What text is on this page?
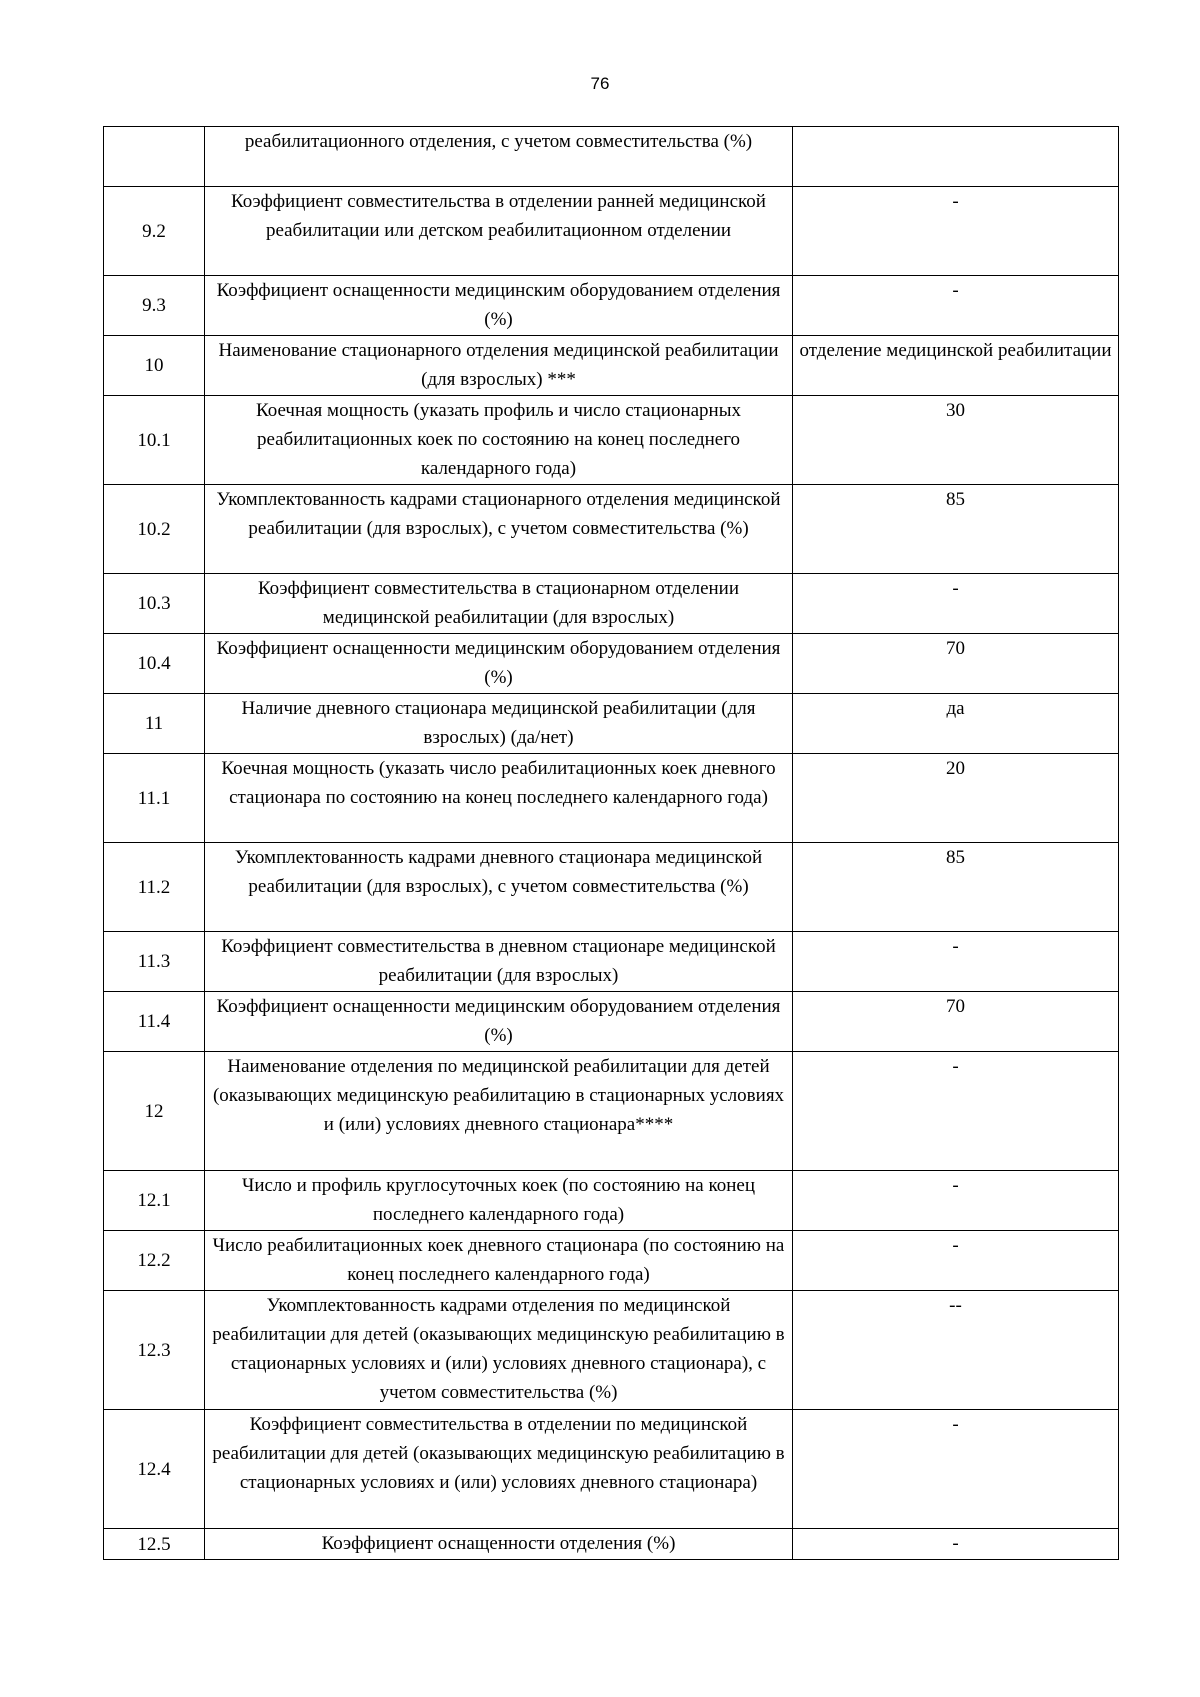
76
	реабилитационного отделения, с учетом совместительства (%)	
9.2	Коэффициент совместительства в отделении ранней медицинской реабилитации или детском реабилитационном отделении	-
9.3	Коэффициент оснащенности медицинским оборудованием отделения (%)	-
10	Наименование стационарного отделения медицинской реабилитации (для взрослых) ***	отделение медицинской реабилитации
10.1	Коечная мощность (указать профиль и число стационарных реабилитационных коек по состоянию на конец последнего календарного года)	30
10.2	Укомплектованность кадрами стационарного отделения медицинской реабилитации (для взрослых), с учетом совместительства (%)	85
10.3	Коэффициент совместительства в стационарном отделении медицинской реабилитации (для взрослых)	-
10.4	Коэффициент оснащенности медицинским оборудованием отделения (%)	70
11	Наличие дневного стационара медицинской реабилитации (для взрослых) (да/нет)	да
11.1	Коечная мощность (указать число реабилитационных коек дневного стационара по состоянию на конец последнего календарного года)	20
11.2	Укомплектованность кадрами дневного стационара медицинской реабилитации (для взрослых), с учетом совместительства (%)	85
11.3	Коэффициент совместительства в дневном стационаре медицинской реабилитации (для взрослых)	-
11.4	Коэффициент оснащенности медицинским оборудованием отделения (%)	70
12	Наименование отделения по медицинской реабилитации для детей (оказывающих медицинскую реабилитацию в стационарных условиях и (или) условиях дневного стационара****	-
12.1	Число и профиль круглосуточных коек (по состоянию на конец последнего календарного года)	-
12.2	Число реабилитационных коек дневного стационара (по состоянию на конец последнего календарного года)	-
12.3	Укомплектованность кадрами отделения по медицинской реабилитации для детей (оказывающих медицинскую реабилитацию в стационарных условиях и (или) условиях дневного стационара), с учетом совместительства (%)	--
12.4	Коэффициент совместительства в отделении по медицинской реабилитации для детей (оказывающих медицинскую реабилитацию в стационарных условиях и (или) условиях дневного стационара)	-
12.5	Коэффициент оснащенности отделения (%)	-
